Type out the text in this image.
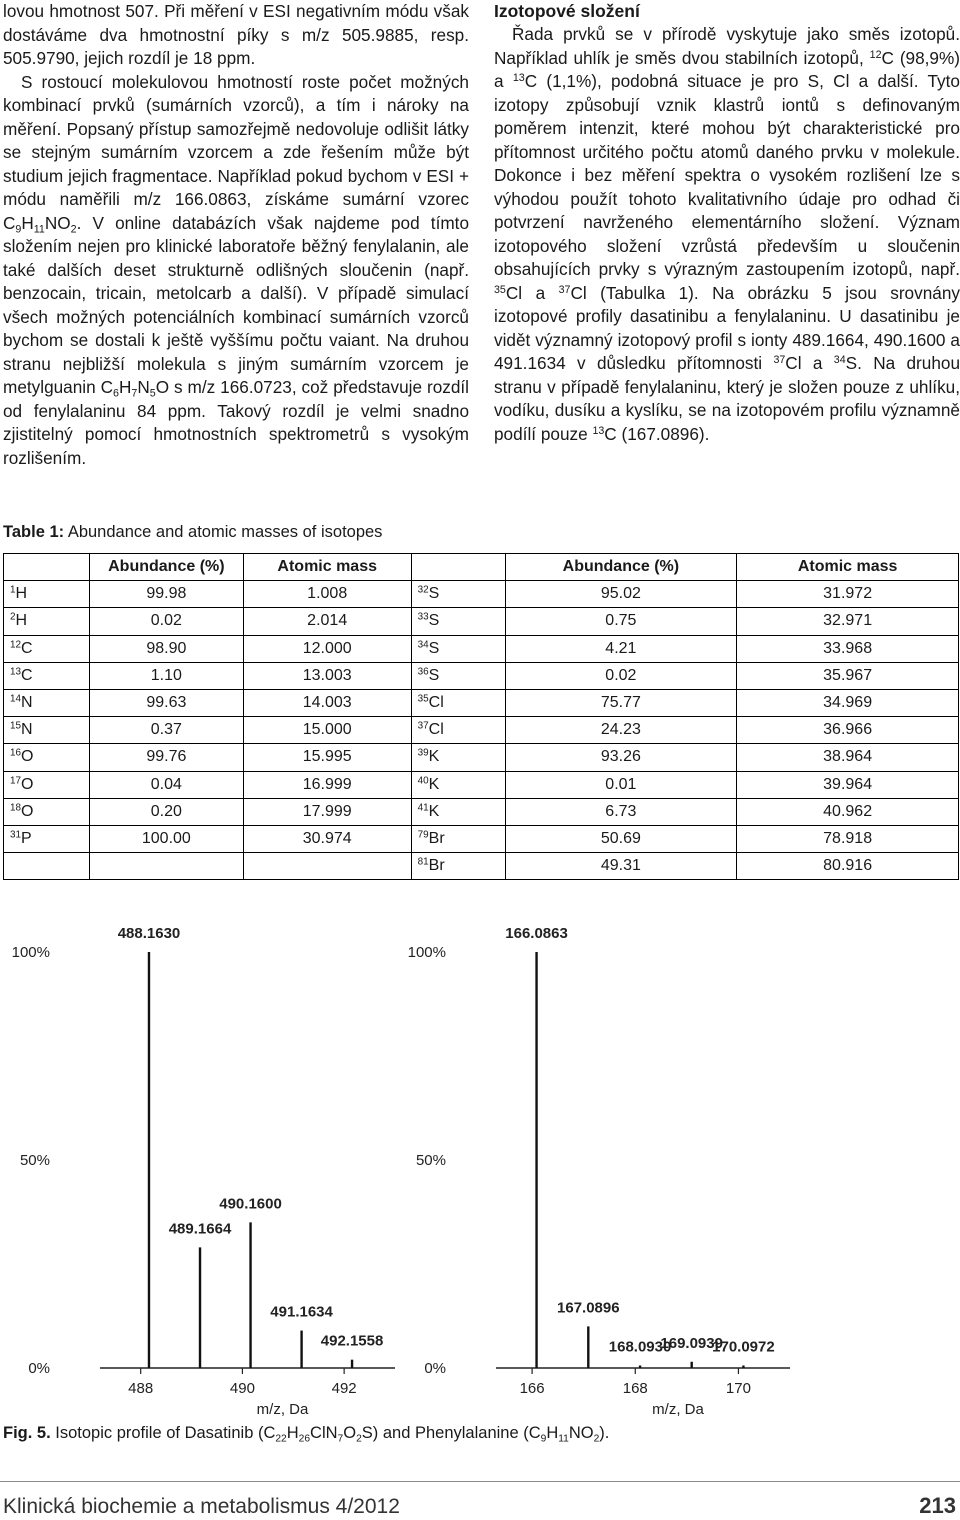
lovou hmotnost 507. Při měření v ESI negativním módu však dostáváme dva hmotnostní píky s m/z 505.9885, resp. 505.9790, jejich rozdíl je 18 ppm.

S rostoucí molekulovou hmotností roste počet možných kombinací prvků (sumárních vzorců), a tím i nároky na měření. Popsaný přístup samozřejmě nedovoluje odlišit látky se stejným sumárním vzorcem a zde řešením může být studium jejich fragmentace. Například pokud bychom v ESI + módu naměřili m/z 166.0863, získáme sumární vzorec $C_9H_{11}NO_2$. V online databázích však najdeme pod tímto složením nejen pro klinické laboratoře běžný fenylalanin, ale také dalších deset strukturně odlišných sloučenin (např. benzocain, tricain, metolcarb a další). V případě simulací všech možných potenciálních kombinací sumárních vzorců bychom se dostali k ještě vyššímu počtu vaiant. Na druhou stranu nejbližší molekula s jiným sumárním vzorcem je metylguanin $C_6H_7N_5O$ s m/z 166.0723, což představuje rozdíl od fenylalaninu 84 ppm. Takový rozdíl je velmi snadno zjistitelný pomocí hmotnostních spektrometrů s vysokým rozlišením.

Izotopové složení

Řada prvků se v přírodě vyskytuje jako směs izotopů. Například uhlík je směs dvou stabilních izotopů, $^{12}$C (98,9%) a $^{13}$C (1,1%), podobná situace je pro S, Cl a další. Tyto izotopy způsobují vznik klastrů iontů s definovaným poměrem intenzit, které mohou být charakteristické pro přítomnost určitého počtu atomů daného prvku v molekule. Dokonce i bez měření spektra o vysokém rozlišení lze s výhodou použít tohoto kvalitativního údaje pro odhad či potvrzení navrženého elementárního složení. Význam izotopového složení vzrůstá především u sloučenin obsahujících prvky s výrazným zastoupením izotopů, např. $^{35}$Cl a $^{37}$Cl (Tabulka 1). Na obrázku 5 jsou srovnány izotopové profily dasatinibu a fenylalaninu. U dasatinibu je vidět významný izotopový profil s ionty 489.1664, 490.1600 a 491.1634 v důsledku přítomnosti $^{37}$Cl a $^{34}$S. Na druhou stranu v případě fenylalaninu, který je složen pouze z uhlíku, vodíku, dusíku a kyslíku, se na izotopovém profilu významně podílí pouze $^{13}$C (167.0896).

Table 1: Abundance and atomic masses of isotopes
	Abundance (%)	Atomic mass		Abundance (%)	Atomic mass
$^1$H	99.98	1.008	$^{32}$S	95.02	31.972
$^2$H	0.02	2.014	$^{33}$S	0.75	32.971
$^{12}$C	98.90	12.000	$^{34}$S	4.21	33.968
$^{13}$C	1.10	13.003	$^{36}$S	0.02	35.967
$^{14}$N	99.63	14.003	$^{35}$Cl	75.77	34.969
$^{15}$N	0.37	15.000	$^{37}$Cl	24.23	36.966
$^{16}$O	99.76	15.995	$^{39}$K	93.26	38.964
$^{17}$O	0.04	16.999	$^{40}$K	0.01	39.964
$^{18}$O	0.20	17.999	$^{41}$K	6.73	40.962
$^{31}$P	100.00	30.974	$^{79}$Br	50.69	78.918
			$^{81}$Br	49.31	80.916
0%
50%
100%
488	490	492
m/z, Da
488.1630
489.1664
490.1600
491.1634
492.1558
0%
50%
100%
166	168	170
m/z, Da
166.0863
167.0896
168.0930
169.0939
170.0972
Fig. 5. Isotopic profile of Dasatinib $(C_{22}H_{26}ClN_7O_2S)$ and Phenylalanine $(C_9H_{11}NO_2)$.
Klinická biochemie a metabolismus 4/2012	213
